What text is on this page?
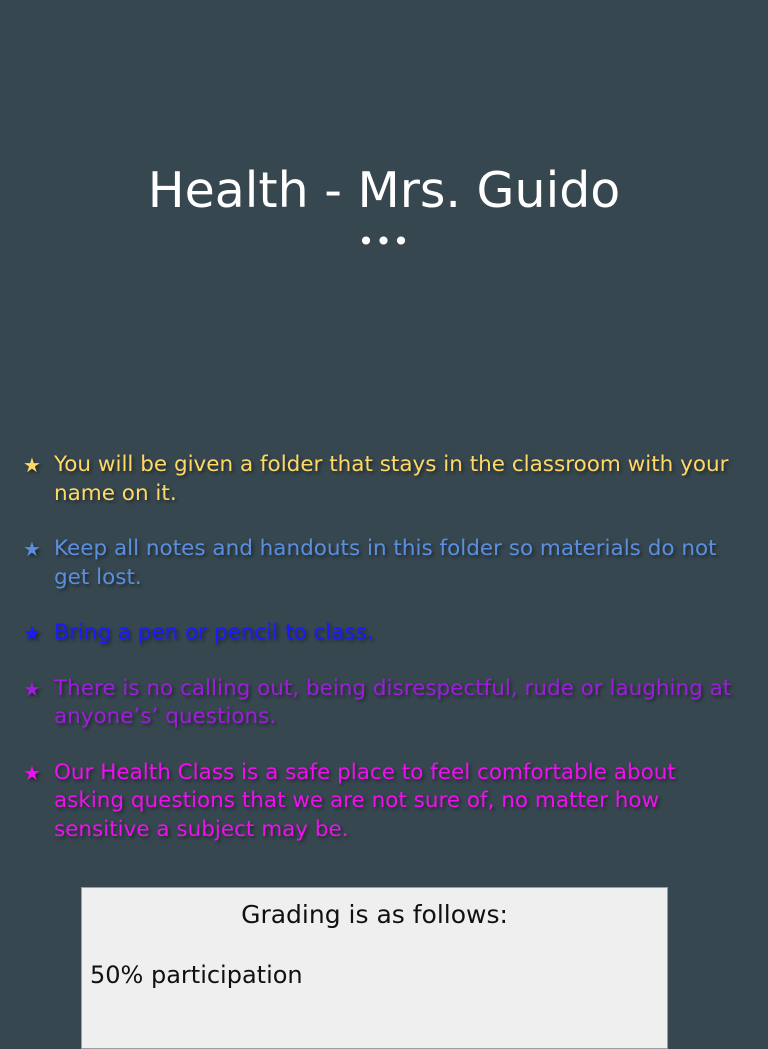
Health - Mrs. Guido
•••
★ You will be given a folder that stays in the classroom with your name on it.
★ Keep all notes and handouts in this folder so materials do not get lost.
★ Bring a pen or pencil to class.
★ There is no calling out, being disrespectful, rude or laughing at anyone’s’ questions.
★ Our Health Class is a safe place to feel comfortable about asking questions that we are not sure of, no matter how sensitive a subject may be.
Grading is as follows:

50% participation
